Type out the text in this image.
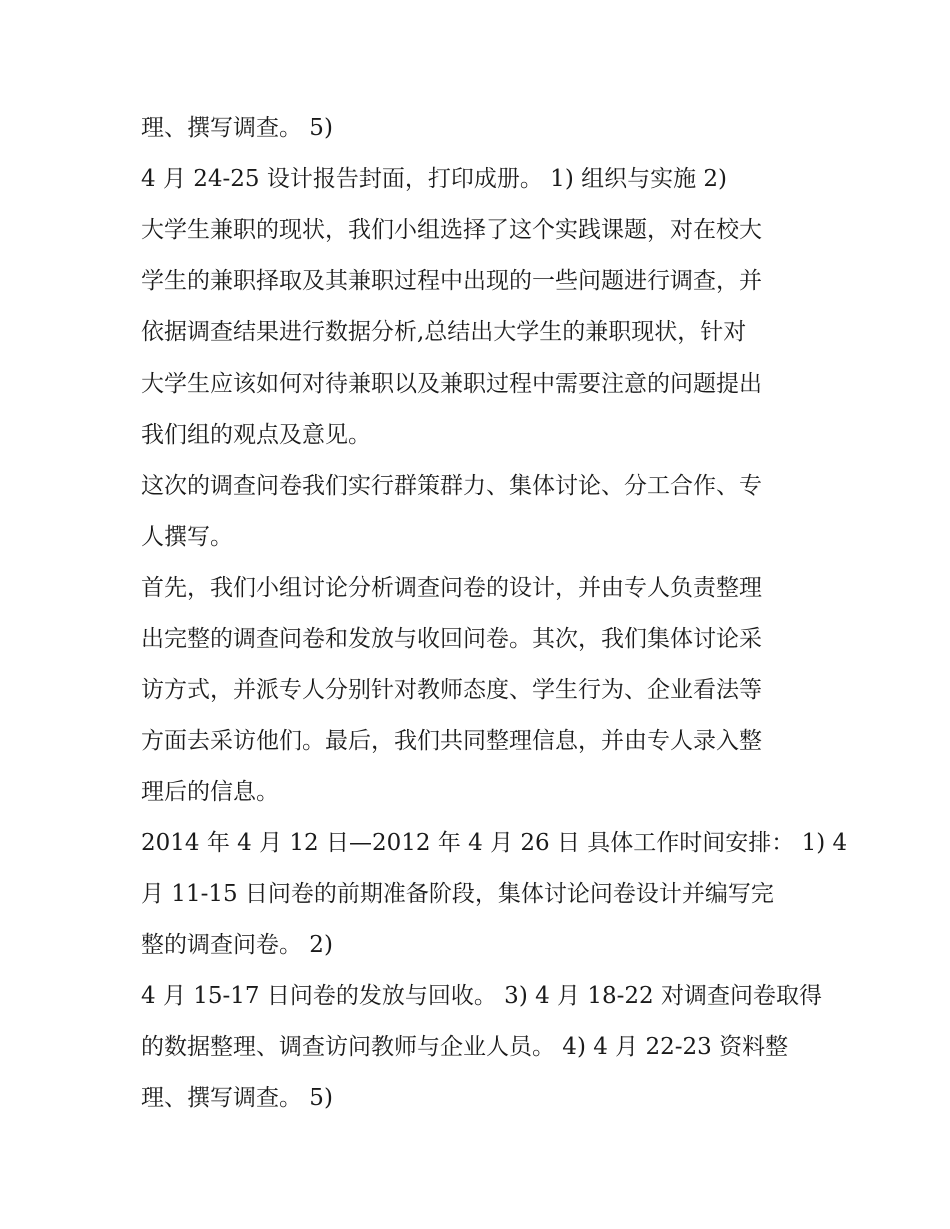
理、撰写调查。 5)
4 月 24-25 设计报告封面，打印成册。 1) 组织与实施 2)
大学生兼职的现状，我们小组选择了这个实践课题，对在校大
学生的兼职择取及其兼职过程中出现的一些问题进行调查，并
依据调查结果进行数据分析,总结出大学生的兼职现状，针对
大学生应该如何对待兼职以及兼职过程中需要注意的问题提出
我们组的观点及意见。
这次的调查问卷我们实行群策群力、集体讨论、分工合作、专
人撰写。
首先，我们小组讨论分析调查问卷的设计，并由专人负责整理
出完整的调查问卷和发放与收回问卷。其次，我们集体讨论采
访方式，并派专人分别针对教师态度、学生行为、企业看法等
方面去采访他们。最后，我们共同整理信息，并由专人录入整
理后的信息。
2014 年 4 月 12 日—2012 年 4 月 26 日 具体工作时间安排： 1) 4
月 11-15 日问卷的前期准备阶段，集体讨论问卷设计并编写完
整的调查问卷。 2)
4 月 15-17 日问卷的发放与回收。 3) 4 月 18-22 对调查问卷取得
的数据整理、调查访问教师与企业人员。 4) 4 月 22-23 资料整
理、撰写调查。 5)
